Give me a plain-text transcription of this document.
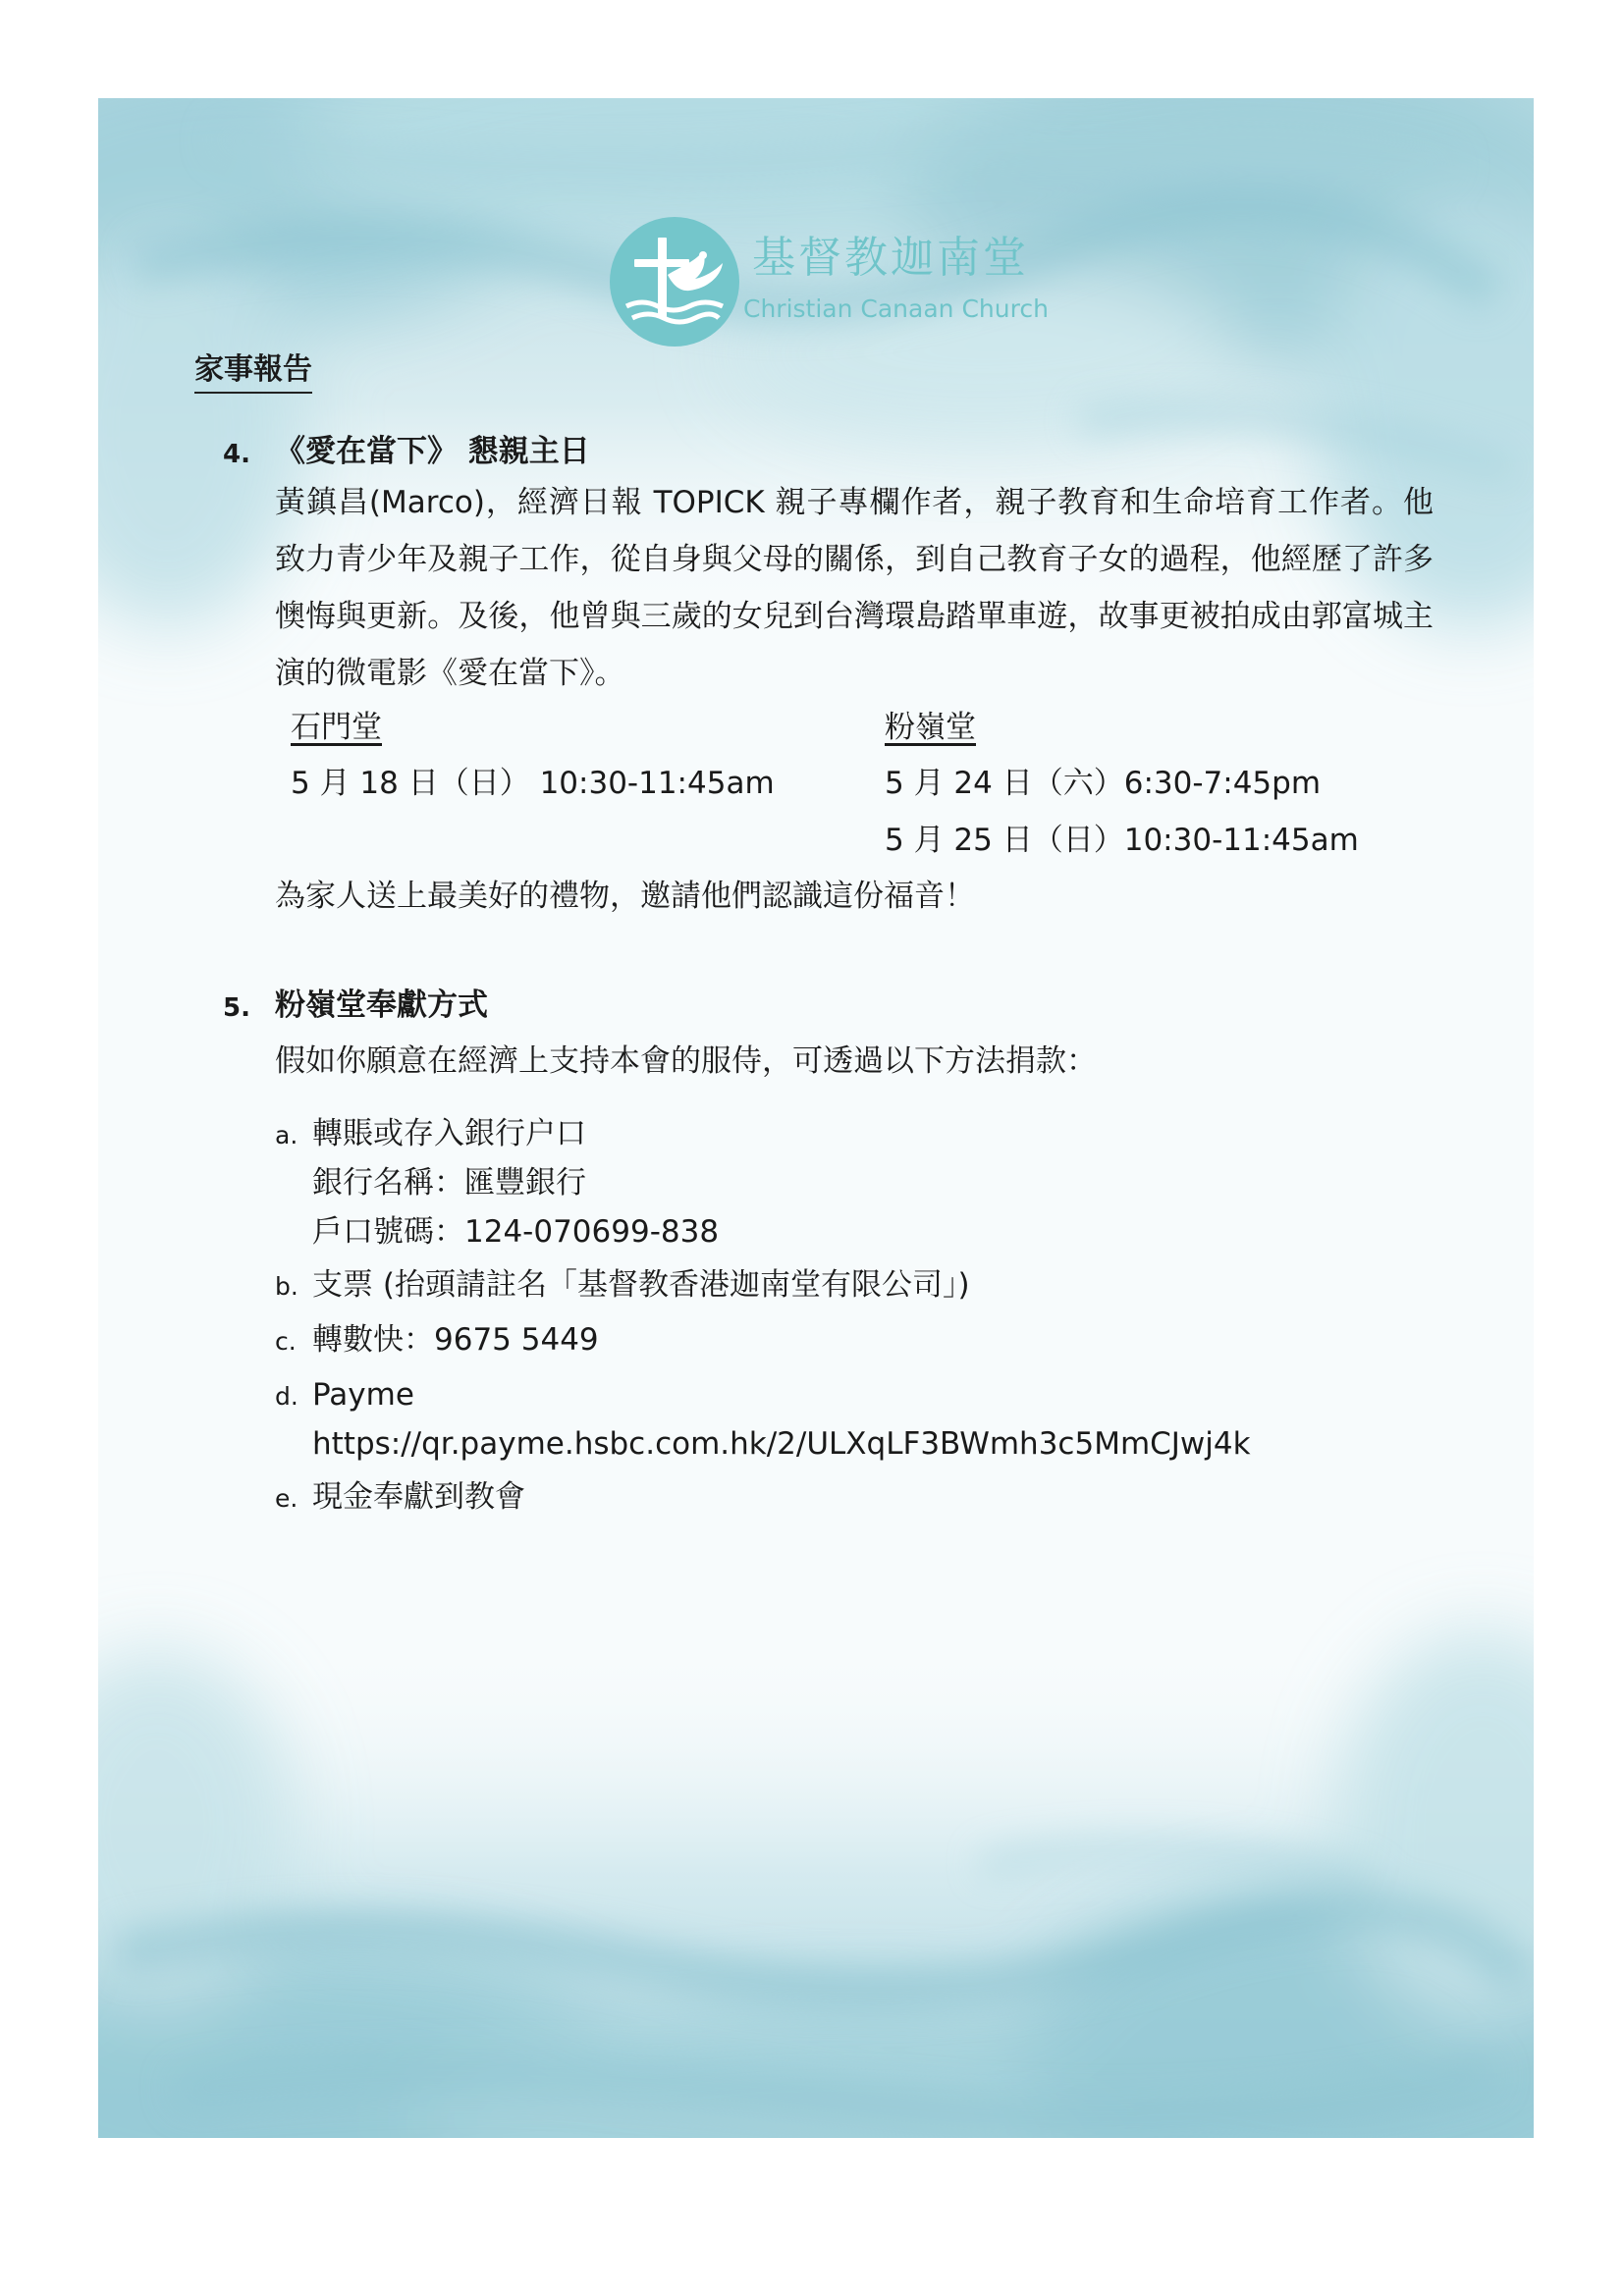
基督教迦南堂
Christian Canaan Church
家事報告
4. 《愛在當下》 懇親主日

黃鎮昌(Marco)，經濟日報 TOPICK 親子專欄作者，親子教育和生命培育工作者。他致力青少年及親子工作，從自身與父母的關係，到自己教育子女的過程，他經歷了許多懊悔與更新。及後，他曾與三歲的女兒到台灣環島踏單車遊，故事更被拍成由郭富城主演的微電影《愛在當下》。

石門堂
5 月 18 日（日） 10:30-11:45am
粉嶺堂
5 月 24 日（六）6:30-7:45pm
5 月 25 日（日）10:30-11:45am
為家人送上最美好的禮物，邀請他們認識這份福音！
5. 粉嶺堂奉獻方式
假如你願意在經濟上支持本會的服侍，可透過以下方法捐款：
a. 轉賬或存入銀行户口
銀行名稱：匯豐銀行
戶口號碼：124-070699-838
b. 支票 (抬頭請註名「基督教香港迦南堂有限公司」)
c. 轉數快：9675 5449
d. Payme
https://qr.payme.hsbc.com.hk/2/ULXqLF3BWmh3c5MmCJwj4k
e. 現金奉獻到教會
